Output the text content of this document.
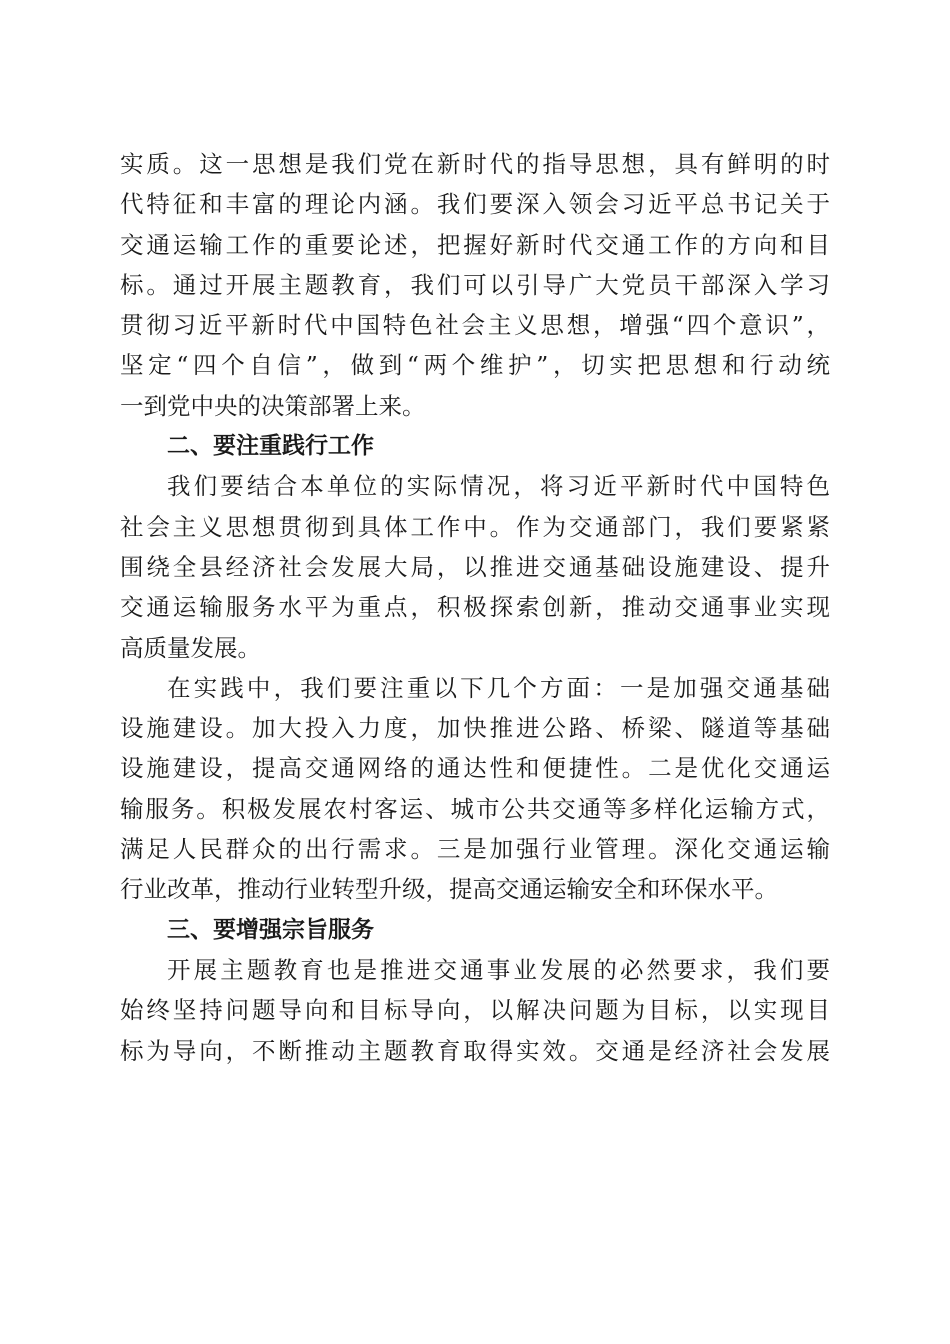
实质。这一思想是我们党在新时代的指导思想，具有鲜明的时
代特征和丰富的理论内涵。我们要深入领会习近平总书记关于
交通运输工作的重要论述，把握好新时代交通工作的方向和目
标。通过开展主题教育，我们可以引导广大党员干部深入学习
贯彻习近平新时代中国特色社会主义思想，增强“四个意识”，
坚定“四个自信”，做到“两个维护”，切实把思想和行动统
一到党中央的决策部署上来。
二、要注重践行工作
我们要结合本单位的实际情况，将习近平新时代中国特色
社会主义思想贯彻到具体工作中。作为交通部门，我们要紧紧
围绕全县经济社会发展大局，以推进交通基础设施建设、提升
交通运输服务水平为重点，积极探索创新，推动交通事业实现
高质量发展。
在实践中，我们要注重以下几个方面：一是加强交通基础
设施建设。加大投入力度，加快推进公路、桥梁、隧道等基础
设施建设，提高交通网络的通达性和便捷性。二是优化交通运
输服务。积极发展农村客运、城市公共交通等多样化运输方式，
满足人民群众的出行需求。三是加强行业管理。深化交通运输
行业改革，推动行业转型升级，提高交通运输安全和环保水平。
三、要增强宗旨服务
开展主题教育也是推进交通事业发展的必然要求，我们要
始终坚持问题导向和目标导向，以解决问题为目标，以实现目
标为导向，不断推动主题教育取得实效。交通是经济社会发展
